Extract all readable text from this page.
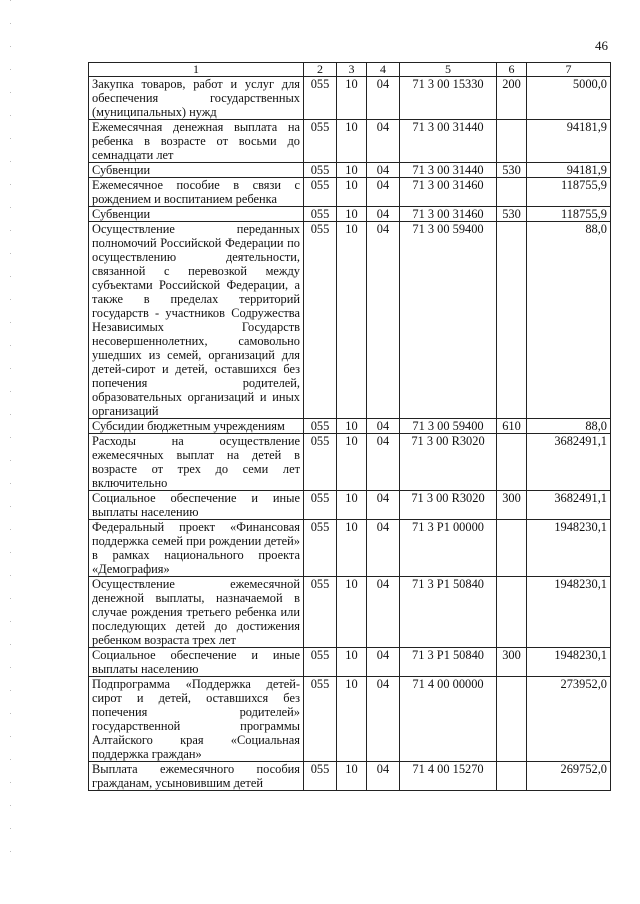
46
1	2	3	4	5	6	7
Закупка товаров, работ и услуг для обеспечения государственных (муниципальных) нужд	055	10	04	71 3 00 15330	200	5000,0
Ежемесячная денежная выплата на ребенка в возрасте от восьми до семнадцати лет	055	10	04	71 3 00 31440		94181,9
Субвенции	055	10	04	71 3 00 31440	530	94181,9
Ежемесячное пособие в связи с рождением и воспитанием ребенка	055	10	04	71 3 00 31460		118755,9
Субвенции	055	10	04	71 3 00 31460	530	118755,9
Осуществление переданных полномочий Российской Федерации по осуществлению деятельности, связанной с перевозкой между субъектами Российской Федерации, а также в пределах территорий государств - участников Содружества Независимых Государств несовершеннолетних, самовольно ушедших из семей, организаций для детей-сирот и детей, оставшихся без попечения родителей, образовательных организаций и иных организаций	055	10	04	71 3 00 59400		88,0
Субсидии бюджетным учреждениям	055	10	04	71 3 00 59400	610	88,0
Расходы на осуществление ежемесячных выплат на детей в возрасте от трех до семи лет включительно	055	10	04	71 3 00 R3020		3682491,1
Социальное обеспечение и иные выплаты населению	055	10	04	71 3 00 R3020	300	3682491,1
Федеральный проект «Финансовая поддержка семей при рождении детей» в рамках национального проекта «Демография»	055	10	04	71 3 P1 00000		1948230,1
Осуществление ежемесячной денежной выплаты, назначаемой в случае рождения третьего ребенка или последующих детей до достижения ребенком возраста трех лет	055	10	04	71 3 P1 50840		1948230,1
Социальное обеспечение и иные выплаты населению	055	10	04	71 3 P1 50840	300	1948230,1
Подпрограмма «Поддержка детей-сирот и детей, оставшихся без попечения родителей» государственной программы Алтайского края «Социальная поддержка граждан»	055	10	04	71 4 00 00000		273952,0
Выплата ежемесячного пособия гражданам, усыновившим детей	055	10	04	71 4 00 15270		269752,0
